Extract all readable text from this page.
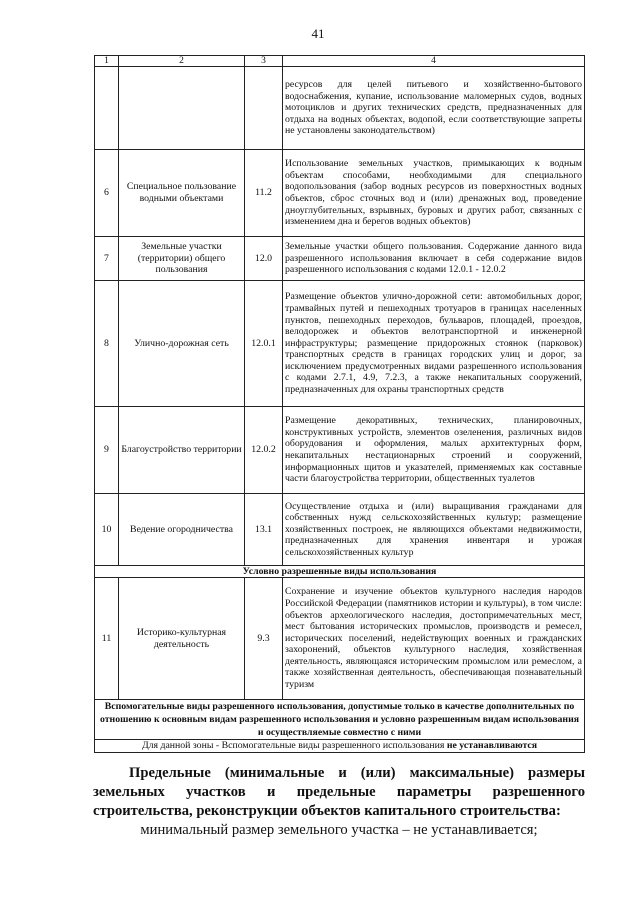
41
1	2	3	4

			ресурсов для целей питьевого и хозяйственно-бытового водоснабжения, купание, использование маломерных судов, водных мотоциклов и других технических средств, предназначенных для отдыха на водных объектах, водопой, если соответствующие запреты не установлены законодательством)

6	Специальное пользование водными объектами	11.2	Использование земельных участков, примыкающих к водным объектам способами, необходимыми для специального водопользования (забор водных ресурсов из поверхностных водных объектов, сброс сточных вод и (или) дренажных вод, проведение дноуглубительных, взрывных, буровых и других работ, связанных с изменением дна и берегов водных объектов)

7	Земельные участки (территории) общего пользования	12.0	Земельные участки общего пользования. Содержание данного вида разрешенного использования включает в себя содержание видов разрешенного использования с кодами 12.0.1 - 12.0.2

8	Улично-дорожная сеть	12.0.1	Размещение объектов улично-дорожной сети: автомобильных дорог, трамвайных путей и пешеходных тротуаров в границах населенных пунктов, пешеходных переходов, бульваров, площадей, проездов, велодорожек и объектов велотранспортной и инженерной инфраструктуры; размещение придорожных стоянок (парковок) транспортных средств в границах городских улиц и дорог, за исключением предусмотренных видами разрешенного использования с кодами 2.7.1, 4.9, 7.2.3, а также некапитальных сооружений, предназначенных для охраны транспортных средств

9	Благоустройство территории	12.0.2	Размещение декоративных, технических, планировочных, конструктивных устройств, элементов озеленения, различных видов оборудования и оформления, малых архитектурных форм, некапитальных нестационарных строений и сооружений, информационных щитов и указателей, применяемых как составные части благоустройства территории, общественных туалетов

10	Ведение огородничества	13.1	Осуществление отдыха и (или) выращивания гражданами для собственных нужд сельскохозяйственных культур; размещение хозяйственных построек, не являющихся объектами недвижимости, предназначенных для хранения инвентаря и урожая сельскохозяйственных культур

Условно разрешенные виды использования			
11	Историко-культурная деятельность	9.3	Сохранение и изучение объектов культурного наследия народов Российской Федерации (памятников истории и культуры), в том числе: объектов археологического наследия, достопримечательных мест, мест бытования исторических промыслов, производств и ремесел, исторических поселений, недействующих военных и гражданских захоронений, объектов культурного наследия, хозяйственная деятельность, являющаяся историческим промыслом или ремеслом, а также хозяйственная деятельность, обеспечивающая познавательный туризм

Вспомогательные виды разрешенного использования, допустимые только в качестве дополнительных по отношению к основным видам разрешенного использования и условно разрешенным видам использования и осуществляемые совместно с ними			
Для данной зоны - Вспомогательные виды разрешенного использования не устанавливаются			
Предельные (минимальные и (или) максимальные) размеры земельных участков и предельные параметры разрешенного строительства, реконструкции объектов капитального строительства:
минимальный размер земельного участка – не устанавливается;
